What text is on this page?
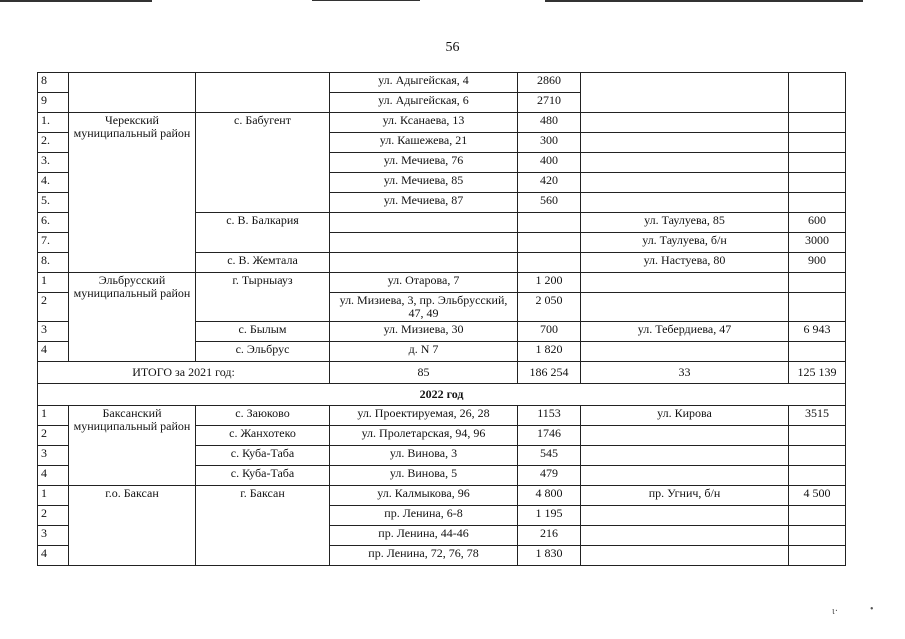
56
8			ул. Адыгейская, 4	2860		
9			ул. Адыгейская, 6	2710		
1.	Черекский муниципальный район	с. Бабугент	ул. Ксанаева, 13	480		
2.			ул. Кашежева, 21	300		
3.			ул. Мечиева, 76	400		
4.			ул. Мечиева, 85	420		
5.			ул. Мечиева, 87	560		
6.		с. В. Балкария			ул. Таулуева, 85	600
7.					ул. Таулуева, б/н	3000
8.		с. В. Жемтала			ул. Настуева, 80	900
1	Эльбрусский муниципальный район	г. Тырныауз	ул. Отарова, 7	1 200		
2			ул. Мизиева, 3, пр. Эльбрусский, 47, 49	2 050		
3		с. Былым	ул. Мизиева, 30	700	ул. Тебердиева, 47	6 943
4		с. Эльбрус	д. N 7	1 820		
ИТОГО за 2021 год:			85	186 254	33	125 139
2022 год						
1	Баксанский муниципальный район	с. Заюково	ул. Проектируемая, 26, 28	1153	ул. Кирова	3515
2		с. Жанхотеко	ул. Пролетарская, 94, 96	1746		
3		с. Куба-Таба	ул. Винова, 3	545		
4		с. Куба-Таба	ул. Винова, 5	479		
1	г.о. Баксан	г. Баксан	ул. Калмыкова, 96	4 800	пр. Угнич, б/н	4 500
2			пр. Ленина, 6-8	1 195		
3			пр. Ленина, 44-46	216		
4			пр. Ленина, 72, 76, 78	1 830		
ɩ·	•
